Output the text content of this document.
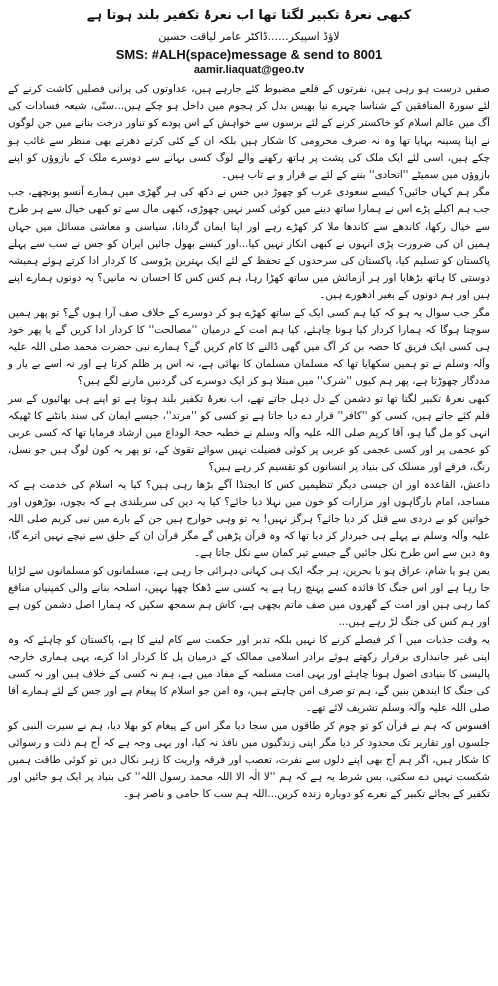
کبھی نعرۂ تکبیر لگتا تھا اب نعرۂ تکفیر بلند ہوتا ہے
لاؤڈ اسپیکر......ڈاکٹر عامر لیاقت حسین
SMS: #ALH(space)message & send to 8001
aamir.liaquat@geo.tv

صفیں درست ہو رہی ہیں، نفرتوں کے قلعے مضبوط کئے جارہے ہیں، عداوتوں کی پرانی فصلیں کاشت کرنے کے لئے سورۃ المنافقین کے شناسا چہرے نیا بھیس بدل کر ہجوم میں داخل ہو چکے ہیں...سنّی، شیعہ فسادات کی آگ میں عالم اسلام کو خاکستر کرنے کے لئے برسوں سے خواہش کے اس پودے کو تناور درخت بنانے میں جن لوگوں نے اپنا پسینہ بہایا تھا وہ نہ صرف محرومی کا شکار ہیں بلکہ ان کے کئی کرتے دھرتے بھی منظر سے غائب ہو چکے ہیں، اسی لئے ایک ملک کی پشت پر ہاتھ رکھنے والے لوگ کسی بہانے سے دوسرے ملک کے بازوؤں کو اپنے بازوؤں میں سمیٹے ''اتحادی'' بننے کے لئے بے قرار و بے تاب ہیں۔

مگر ہم کہاں جائیں؟ کیسے سعودی عرب کو چھوڑ دیں جس نے دکھ کی ہر گھڑی میں ہمارے آنسو پونچھے، جب جب ہم اکیلے پڑے اس نے ہمارا ساتھ دینے میں کوئی کسر نہیں چھوڑی، کبھی مال سے تو کبھی خیال سے ہر طرح سے خیال رکھا، کاندھے سے کاندھا ملا کر کھڑے رہے اور اپنا ایمان گردانا، سیاسی و معاشی مسائل میں جہاں ہمیں ان کی ضرورت پڑی انہوں نے کبھی انکار نہیں کیا...اور کیسے بھول جائیں ایران کو جس نے سب سے پہلے پاکستان کو تسلیم کیا، پاکستان کی سرحدوں کے تحفظ کے لئے ایک بہترین پڑوسی کا کردار ادا کرتے ہوئے ہمیشہ دوستی کا ہاتھ بڑھایا اور ہر آزمائش میں ساتھ کھڑا رہا، ہم کس کس کا احسان نہ مانیں؟ یہ دونوں ہمارے اپنے ہیں اور ہم دونوں کے بغیر ادھورے ہیں۔

مگر جب سوال یہ ہو کہ کیا ہم کسی ایک کے ساتھ کھڑے ہو کر دوسرے کے خلاف صف آرا ہوں گے؟ تو پھر ہمیں سوچنا ہوگا کہ ہمارا کردار کیا ہونا چاہئے، کیا ہم امت کے درمیان ''مصالحت'' کا کردار ادا کریں گے یا پھر خود ہی کسی ایک فریق کا حصہ بن کر آگ میں گھی ڈالنے کا کام کریں گے؟ ہمارے نبی حضرت محمد صلی اللہ علیہ وآلہ وسلم نے تو ہمیں سکھایا تھا کہ مسلمان مسلمان کا بھائی ہے، نہ اس پر ظلم کرتا ہے اور نہ اسے بے یار و مددگار چھوڑتا ہے، پھر ہم کیوں ''شرک'' میں مبتلا ہو کر ایک دوسرے کی گردنیں مارنے لگے ہیں؟

کبھی نعرۂ تکبیر لگتا تھا تو دشمن کے دل دہل جاتے تھے، اب نعرۂ تکفیر بلند ہوتا ہے تو اپنے ہی بھائیوں کے سر قلم کئے جاتے ہیں، کسی کو ''کافر'' قرار دے دیا جاتا ہے تو کسی کو ''مرتد''، جیسے ایمان کی سند بانٹنے کا ٹھیکہ انہی کو مل گیا ہو، آقا کریم صلی اللہ علیہ وآلہ وسلم نے خطبہ حجۃ الوداع میں ارشاد فرمایا تھا کہ کسی عربی کو عجمی پر اور کسی عجمی کو عربی پر کوئی فضیلت نہیں سوائے تقویٰ کے، تو پھر یہ کون لوگ ہیں جو نسل، رنگ، فرقے اور مسلک کی بنیاد پر انسانوں کو تقسیم کر رہے ہیں؟

داعش، القاعدہ اور ان جیسی دیگر تنظیمیں کس کا ایجنڈا آگے بڑھا رہی ہیں؟ کیا یہ اسلام کی خدمت ہے کہ مساجد، امام بارگاہوں اور مزارات کو خون میں نہلا دیا جائے؟ کیا یہ دین کی سربلندی ہے کہ بچوں، بوڑھوں اور خواتین کو بے دردی سے قتل کر دیا جائے؟ ہرگز نہیں! یہ تو وہی خوارج ہیں جن کے بارے میں نبی کریم صلی اللہ علیہ وآلہ وسلم نے پہلے ہی خبردار کر دیا تھا کہ وہ قرآن پڑھیں گے مگر قرآن ان کے حلق سے نیچے نہیں اترے گا، وہ دین سے اس طرح نکل جائیں گے جیسے تیر کمان سے نکل جاتا ہے۔

یمن ہو یا شام، عراق ہو یا بحرین، ہر جگہ ایک ہی کہانی دہرائی جا رہی ہے، مسلمانوں کو مسلمانوں سے لڑایا جا رہا ہے اور اس جنگ کا فائدہ کسے پہنچ رہا ہے یہ کسی سے ڈھکا چھپا نہیں، اسلحہ بنانے والی کمپنیاں منافع کما رہی ہیں اور امت کے گھروں میں صف ماتم بچھی ہے، کاش ہم سمجھ سکیں کہ ہمارا اصل دشمن کون ہے اور ہم کس کی جنگ لڑ رہے ہیں...

یہ وقت جذبات میں آ کر فیصلے کرنے کا نہیں بلکہ تدبر اور حکمت سے کام لینے کا ہے، پاکستان کو چاہئے کہ وہ اپنی غیر جانبداری برقرار رکھتے ہوئے برادر اسلامی ممالک کے درمیان پل کا کردار ادا کرے، یہی ہماری خارجہ پالیسی کا بنیادی اصول ہونا چاہئے اور یہی امت مسلمہ کے مفاد میں ہے، ہم نہ کسی کے خلاف ہیں اور نہ کسی کی جنگ کا ایندھن بنیں گے، ہم تو صرف امن چاہتے ہیں، وہ امن جو اسلام کا پیغام ہے اور جس کے لئے ہمارے آقا صلی اللہ علیہ وآلہ وسلم تشریف لائے تھے۔

افسوس کہ ہم نے قرآن کو تو چوم کر طاقوں میں سجا دیا مگر اس کے پیغام کو بھلا دیا، ہم نے سیرت النبی کو جلسوں اور تقاریر تک محدود کر دیا مگر اپنی زندگیوں میں نافذ نہ کیا، اور یہی وجہ ہے کہ آج ہم ذلت و رسوائی کا شکار ہیں، اگر ہم آج بھی اپنے دلوں سے نفرت، تعصب اور فرقہ واریت کا زہر نکال دیں تو کوئی طاقت ہمیں شکست نہیں دے سکتی، بس شرط یہ ہے کہ ہم ''لا الٰہ الا اللہ محمد رسول اللہ'' کی بنیاد پر ایک ہو جائیں اور تکفیر کے بجائے تکبیر کے نعرے کو دوبارہ زندہ کریں...اللہ ہم سب کا حامی و ناصر ہو۔
